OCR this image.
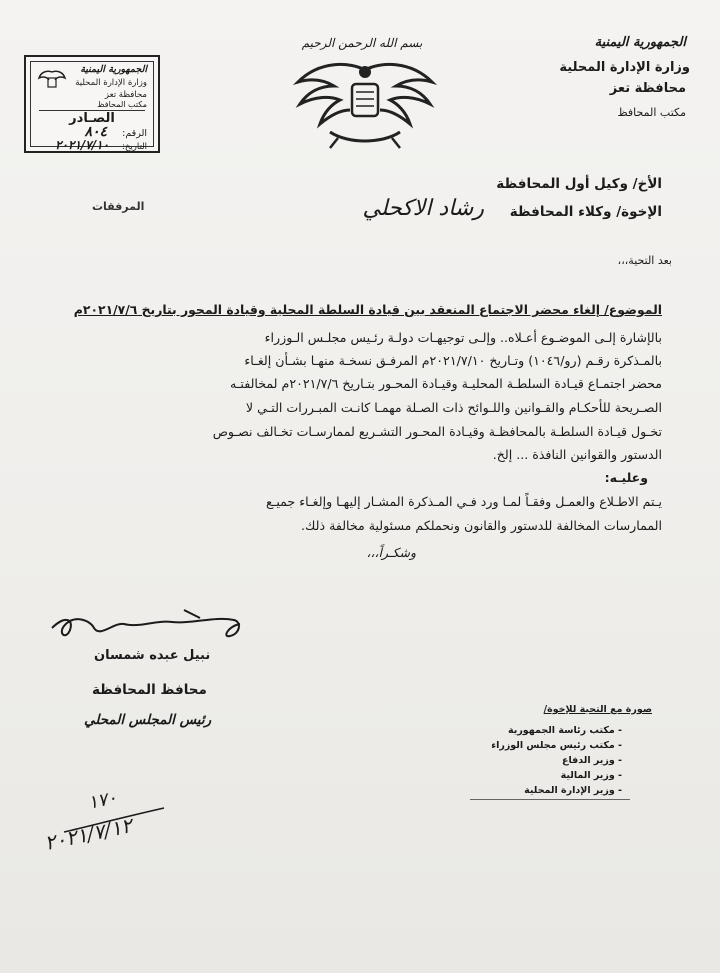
بسم الله الرحمن الرحيم	الجمهورية اليمنية
وزارة الإدارة المحلية
محافظة تعز
مكتب المحافظ
الجمهورية اليمنية
وزارة الإدارة المحلية
محافظة تعز
مكتب المحافظ
الصـادر
الرقم:
٨٠٤
التاريخ:
٢٠٢١/٧/١٠
المرفقات
الأخ/ وكيل أول المحافظة
الإخوة/ وكلاء المحافظة
رشاد الاكحلي
بعد التحية،،،
الموضوع/ إلغاء محضر الاجتماع المنعقد بين قيادة السلطة المحلية وقيادة المحور بتاريخ ٢٠٢١/٧/٦م
بالإشارة إلـى الموضـوع أعـلاه.. وإلـى توجيهـات دولـة رئـيس مجلـس الـوزراء
بالمـذكرة رقـم (رو/١٠٤٦) وتـاريخ ٢٠٢١/٧/١٠م المرفـق نسخـة منهـا بشـأن إلغـاء
محضر اجتمـاع قيـادة السلطـة المحليـة وقيـادة المحـور بتـاريخ ٢٠٢١/٧/٦م لمخالفتـه
الصـريحة للأحكـام والقـوانين واللـوائح ذات الصـلة مهمـا كانـت المبـررات التـي لا
تخـول قيـادة السلطـة بالمحافظـة وقيـادة المحـور التشـريع لممارسـات تخـالف نصـوص
الدستور والقوانين النافذة ... إلخ.
وعليـه:
يـتم الاطـلاع والعمـل وفقـاً لمـا ورد فـي المـذكرة المشـار إليهـا وإلغـاء جميـع
الممارسات المخالفة للدستور والقانون ونحملكم مسئولية مخالفة ذلك.
وشكـراً،،،
نبيل عبده شمسان
محافظ المحافظة
رئيس المجلس المحلي
صورة مع التحية للإخوة/
- مكتب رئاسة الجمهورية
- مكتب رئيس مجلس الوزراء
- وزير الدفاع
- وزير المالية
- وزير الإدارة المحلية
١٧٠
٢٠٢١/٧/١٢
